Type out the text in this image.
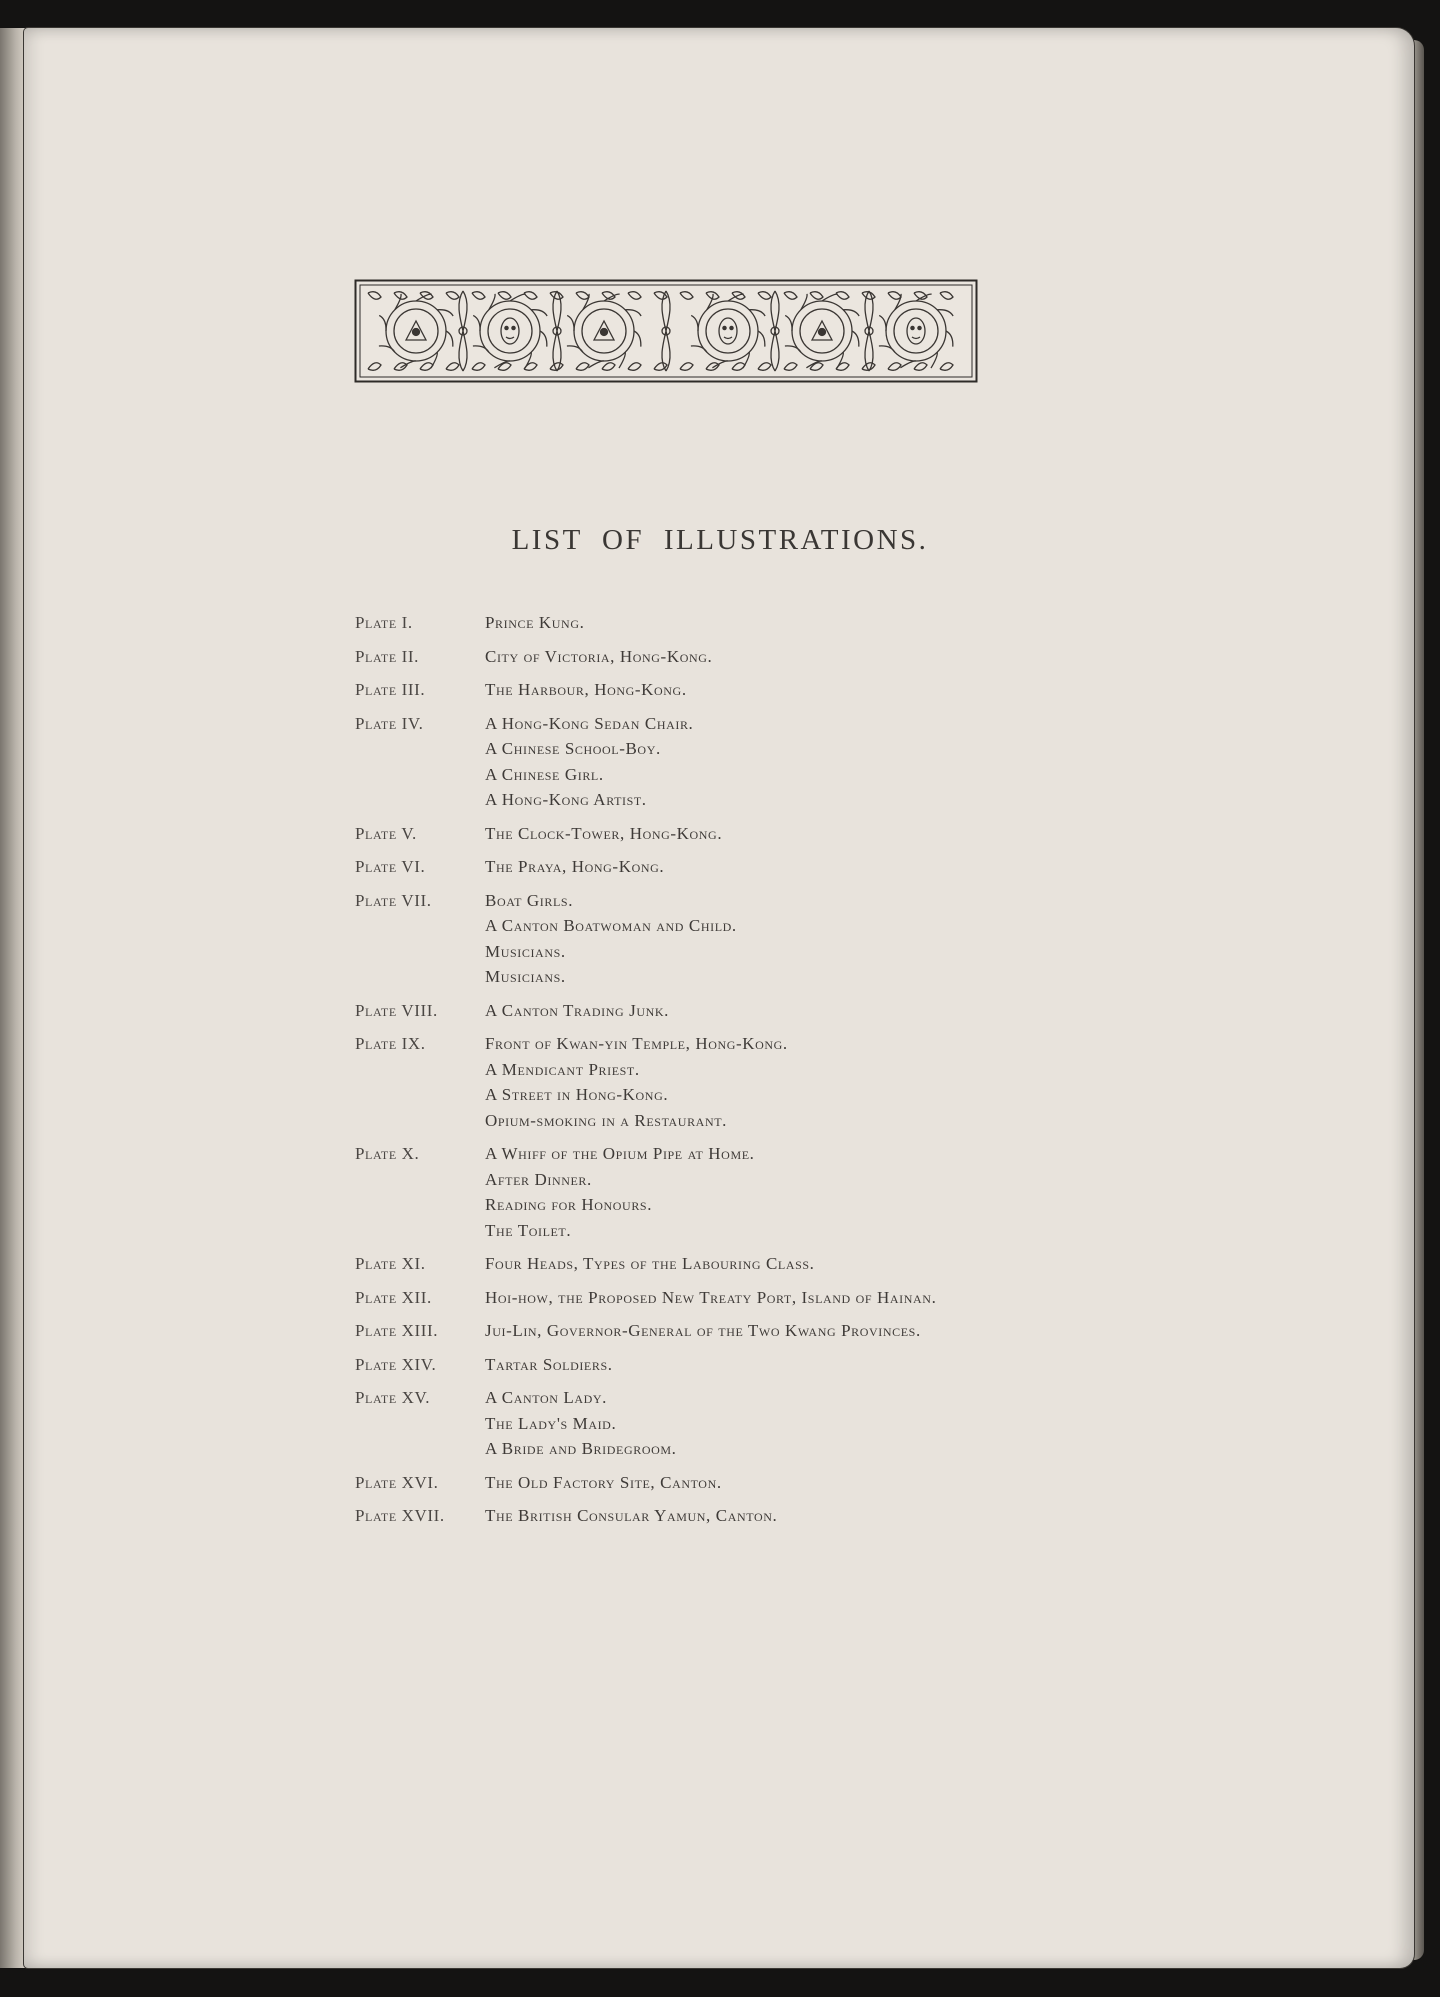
LIST OF ILLUSTRATIONS.
Plate I.	Prince Kung.
Plate II.	City of Victoria, Hong-Kong.
Plate III.	The Harbour, Hong-Kong.
Plate IV.	A Hong-Kong Sedan Chair.
A Chinese School-Boy.
A Chinese Girl.
A Hong-Kong Artist.
Plate V.	The Clock-Tower, Hong-Kong.
Plate VI.	The Praya, Hong-Kong.
Plate VII.	Boat Girls.
A Canton Boatwoman and Child.
Musicians.
Musicians.
Plate VIII.	A Canton Trading Junk.
Plate IX.	Front of Kwan-yin Temple, Hong-Kong.
A Mendicant Priest.
A Street in Hong-Kong.
Opium-smoking in a Restaurant.
Plate X.	A Whiff of the Opium Pipe at Home.
After Dinner.
Reading for Honours.
The Toilet.
Plate XI.	Four Heads, Types of the Labouring Class.
Plate XII.	Hoi-how, the Proposed New Treaty Port, Island of Hainan.
Plate XIII.	Jui-Lin, Governor-General of the Two Kwang Provinces.
Plate XIV.	Tartar Soldiers.
Plate XV.	A Canton Lady.
The Lady's Maid.
A Bride and Bridegroom.
Plate XVI.	The Old Factory Site, Canton.
Plate XVII.	The British Consular Yamun, Canton.
